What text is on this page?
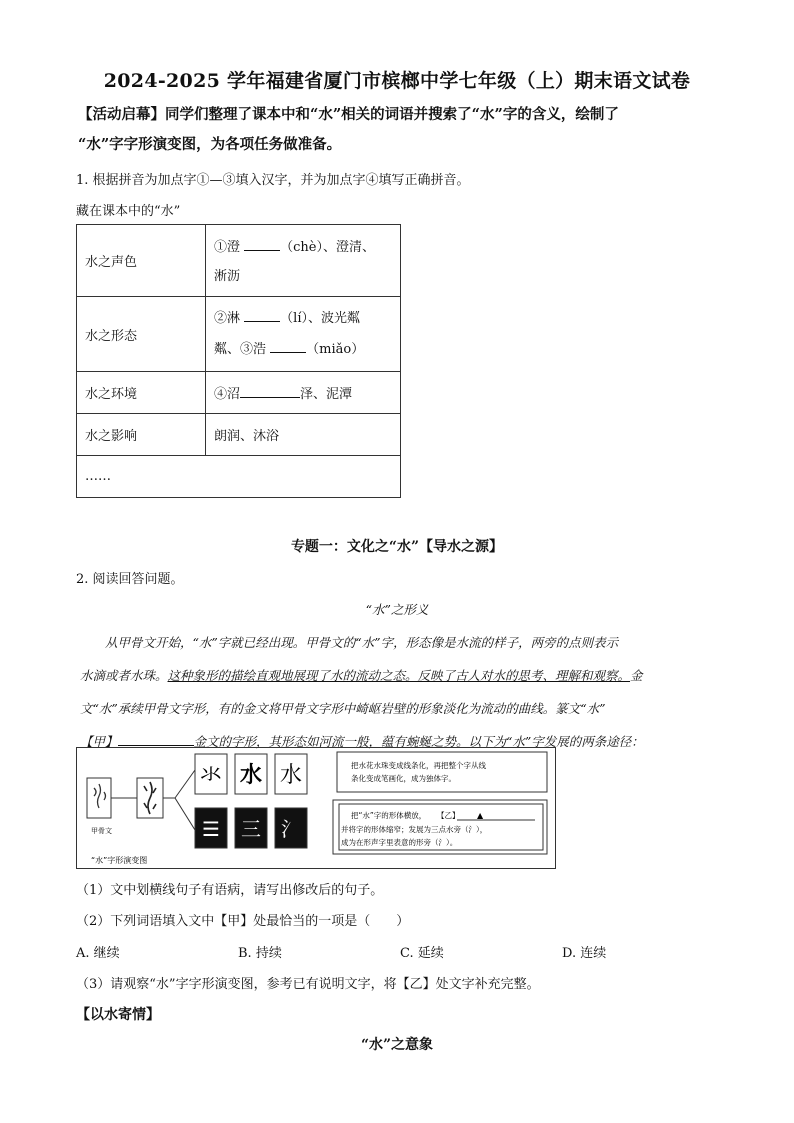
2024-2025 学年福建省厦门市槟榔中学七年级（上）期末语文试卷
【活动启幕】同学们整理了课本中和“水”相关的词语并搜索了“水”字的含义，绘制了
“水”字字形演变图，为各项任务做准备。
1. 根据拼音为加点字①—③填入汉字，并为加点字④填写正确拼音。
藏在课本中的“水”
水之声色	①澄 （chè）、澄清、
淅沥

水之形态	②淋 （lí）、波光粼
粼、③浩 （miǎo）

水之环境	④沼 泽、泥潭
水之影响	朗润、沐浴
……	
专题一：文化之“水”【导水之源】
2. 阅读回答问题。
“水”之形义
从甲骨文开始，“水”字就已经出现。甲骨文的“水”字，形态像是水流的样子，两旁的点则表示
水滴或者水珠。这种象形的描绘直观地展现了水的流动之态。反映了古人对水的思考、理解和观察。金
文“水”承续甲骨文字形，有的金文将甲骨文字形中崎岖岩壁的形象淡化为流动的曲线。篆文“水”
【甲】	金文的字形，其形态如河流一般，蕴有蜿蜒之势。以下为“水”字发展的两条途径：
甲骨文
氺 水 水
☰ 三 氵
把水花水珠变成线条化，再把整个字从线
条化变成笔画化，成为独体字。
把“水”字的形体横放， 【乙】 ▲
并将字的形体缩窄；发展为三点水旁（氵），
成为在形声字里表意的形旁（氵）。
“水”字形演变图
（1）文中划横线句子有语病，请写出修改后的句子。
（2）下列词语填入文中【甲】处最恰当的一项是（　　）
A. 继续	B. 持续	C. 延续	D. 连续
（3）请观察“水”字字形演变图，参考已有说明文字，将【乙】处文字补充完整。
【以水寄情】
“水”之意象
